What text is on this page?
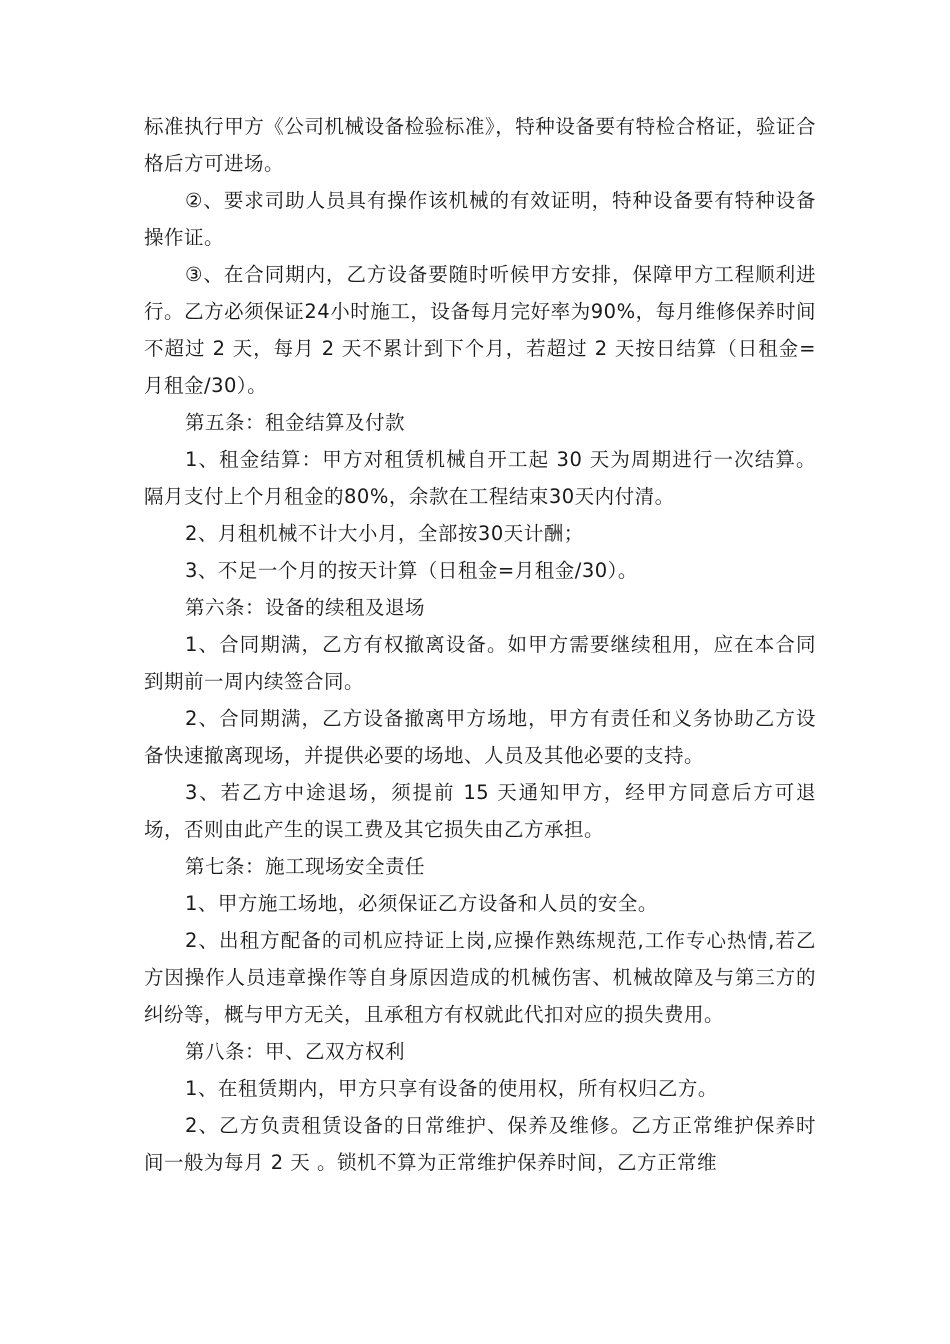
标准执行甲方《公司机械设备检验标准》，特种设备要有特检合格证，验证合格后方可进场。

②、要求司助人员具有操作该机械的有效证明，特种设备要有特种设备操作证。

③、在合同期内，乙方设备要随时听候甲方安排，保障甲方工程顺利进行。乙方必须保证24小时施工，设备每月完好率为90%，每月维修保养时间不超过 2 天，每月 2 天不累计到下个月，若超过 2 天按日结算（日租金=月租金/30）。

第五条：租金结算及付款

1、租金结算：甲方对租赁机械自开工起 30 天为周期进行一次结算。隔月支付上个月租金的80%，余款在工程结束30天内付清。

2、月租机械不计大小月，全部按30天计酬；

3、不足一个月的按天计算（日租金=月租金/30）。

第六条：设备的续租及退场

1、合同期满，乙方有权撤离设备。如甲方需要继续租用，应在本合同到期前一周内续签合同。

2、合同期满，乙方设备撤离甲方场地，甲方有责任和义务协助乙方设备快速撤离现场，并提供必要的场地、人员及其他必要的支持。

3、若乙方中途退场，须提前 15 天通知甲方，经甲方同意后方可退场，否则由此产生的误工费及其它损失由乙方承担。

第七条：施工现场安全责任

1、甲方施工场地，必须保证乙方设备和人员的安全。

2、出租方配备的司机应持证上岗,应操作熟练规范,工作专心热情,若乙方因操作人员违章操作等自身原因造成的机械伤害、机械故障及与第三方的纠纷等，概与甲方无关，且承租方有权就此代扣对应的损失费用。

第八条：甲、乙双方权利

1、在租赁期内，甲方只享有设备的使用权，所有权归乙方。

2、乙方负责租赁设备的日常维护、保养及维修。乙方正常维护保养时间一般为每月 2 天 。锁机不算为正常维护保养时间，乙方正常维
